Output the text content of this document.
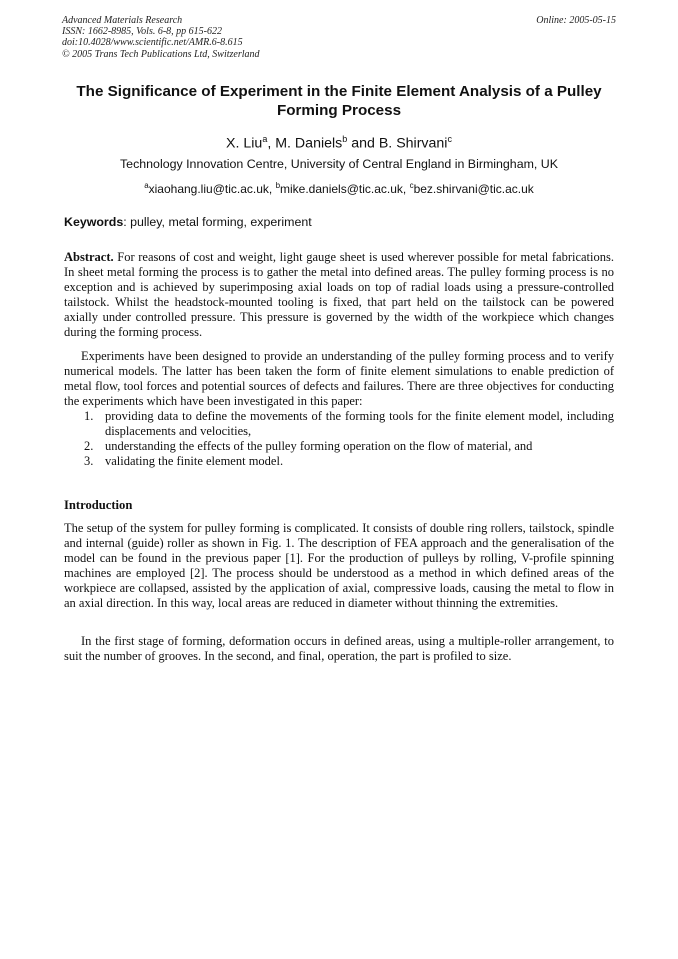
Advanced Materials Research
ISSN: 1662-8985, Vols. 6-8, pp 615-622
doi:10.4028/www.scientific.net/AMR.6-8.615
© 2005 Trans Tech Publications Ltd, Switzerland
Online: 2005-05-15
The Significance of Experiment in the Finite Element Analysis of a Pulley Forming Process
X. Liu$^a$, M. Daniels$^b$ and B. Shirvani$^c$
Technology Innovation Centre, University of Central England in Birmingham, UK
$^a$xiaohang.liu@tic.ac.uk, $^b$mike.daniels@tic.ac.uk, $^c$bez.shirvani@tic.ac.uk
Keywords: pulley, metal forming, experiment

Abstract. For reasons of cost and weight, light gauge sheet is used wherever possible for metal fabrications. In sheet metal forming the process is to gather the metal into defined areas. The pulley forming process is no exception and is achieved by superimposing axial loads on top of radial loads using a pressure-controlled tailstock. Whilst the headstock-mounted tooling is fixed, that part held on the tailstock can be powered axially under controlled pressure. This pressure is governed by the width of the workpiece which changes during the forming process.

Experiments have been designed to provide an understanding of the pulley forming process and to verify numerical models. The latter has been taken the form of finite element simulations to enable prediction of metal flow, tool forces and potential sources of defects and failures. There are three objectives for conducting the experiments which have been investigated in this paper:

1. providing data to define the movements of the forming tools for the finite element model, including displacements and velocities,
2. understanding the effects of the pulley forming operation on the flow of material, and
3. validating the finite element model.
Introduction

The setup of the system for pulley forming is complicated. It consists of double ring rollers, tailstock, spindle and internal (guide) roller as shown in Fig. 1. The description of FEA approach and the generalisation of the model can be found in the previous paper [1]. For the production of pulleys by rolling, V-profile spinning machines are employed [2]. The process should be understood as a method in which defined areas of the workpiece are collapsed, assisted by the application of axial, compressive loads, causing the metal to flow in an axial direction. In this way, local areas are reduced in diameter without thinning the extremities.

In the first stage of forming, deformation occurs in defined areas, using a multiple-roller arrangement, to suit the number of grooves. In the second, and final, operation, the part is profiled to size.
